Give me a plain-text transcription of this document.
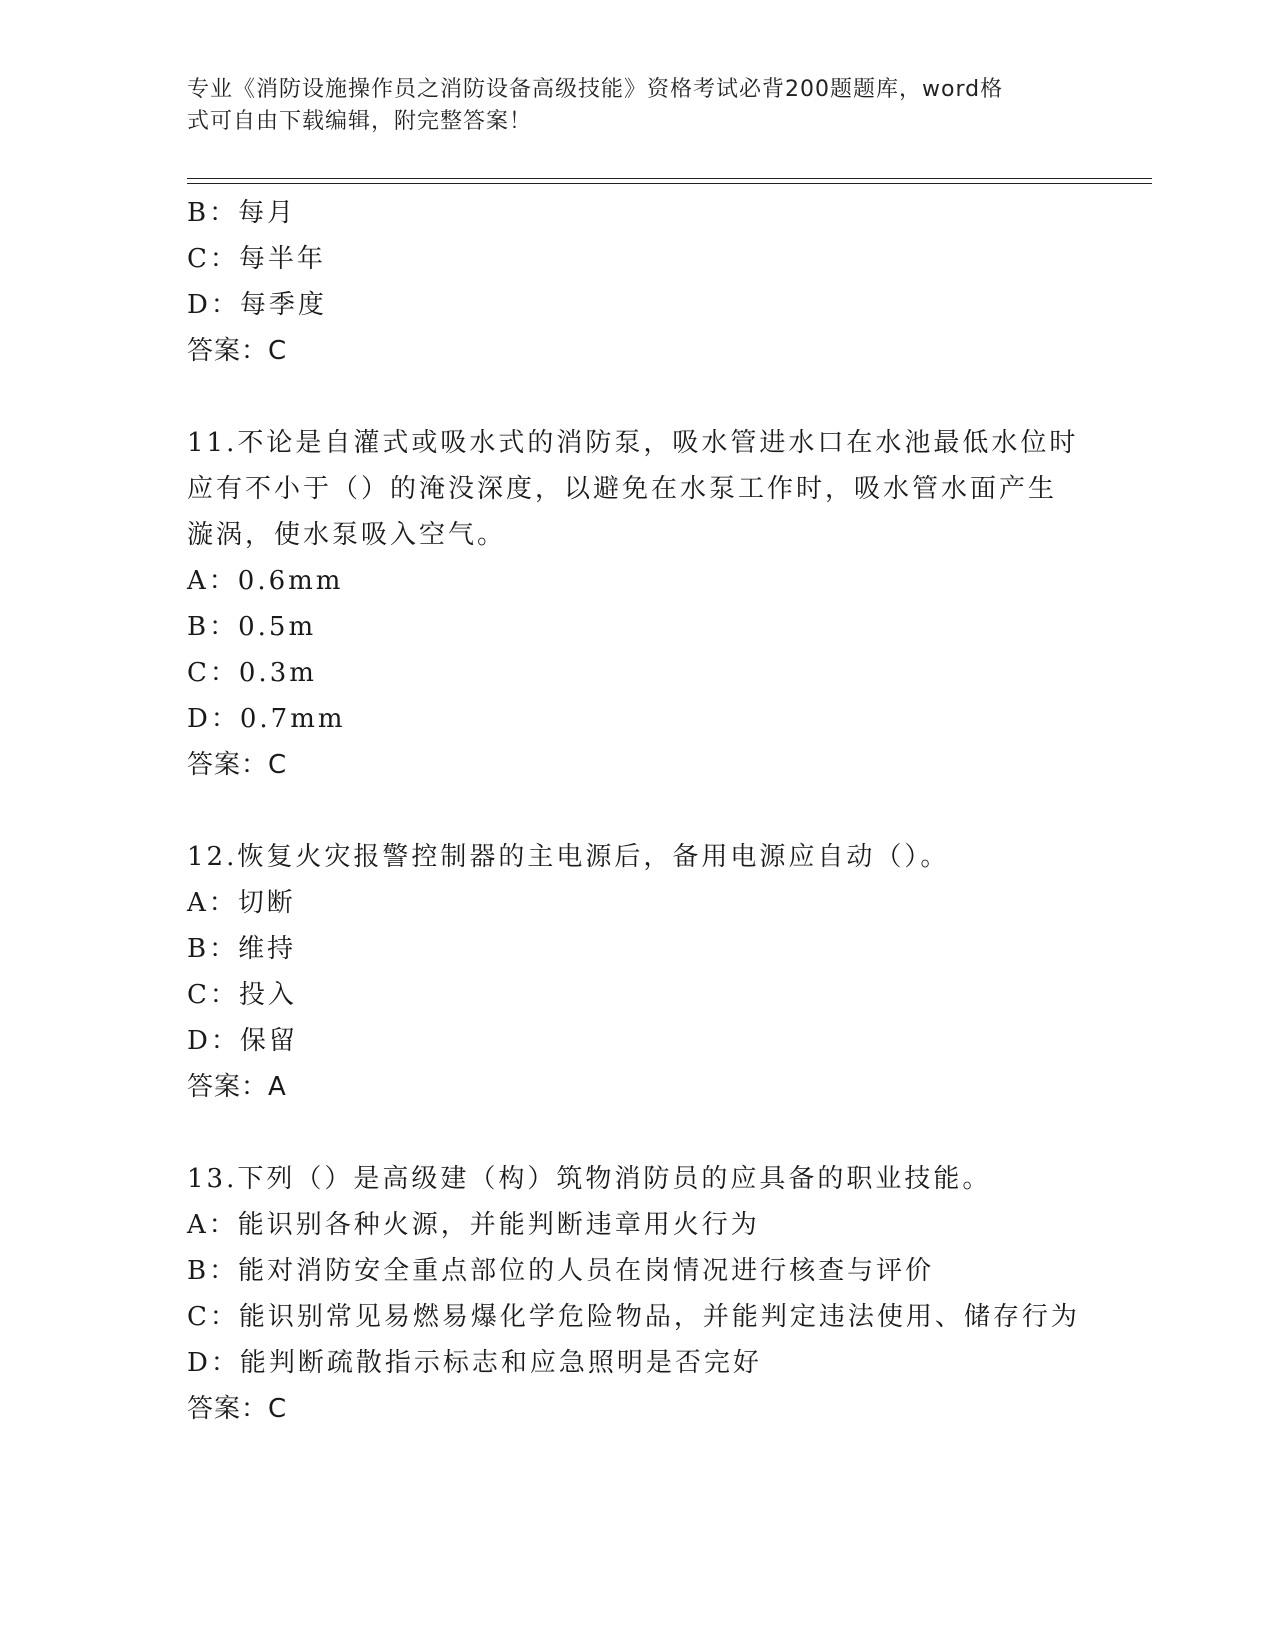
专业《消防设施操作员之消防设备高级技能》资格考试必背200题题库，word格
式可自由下载编辑，附完整答案！
B：每月
C：每半年
D：每季度
答案：C
11.不论是自灌式或吸水式的消防泵，吸水管进水口在水池最低水位时
应有不小于（）的淹没深度，以避免在水泵工作时，吸水管水面产生
漩涡，使水泵吸入空气。
A：0.6mm
B：0.5m
C：0.3m
D：0.7mm
答案：C
12.恢复火灾报警控制器的主电源后，备用电源应自动（）。
A：切断
B：维持
C：投入
D：保留
答案：A
13.下列（）是高级建（构）筑物消防员的应具备的职业技能。
A：能识别各种火源，并能判断违章用火行为
B：能对消防安全重点部位的人员在岗情况进行核查与评价
C：能识别常见易燃易爆化学危险物品，并能判定违法使用、储存行为
D：能判断疏散指示标志和应急照明是否完好
答案：C
